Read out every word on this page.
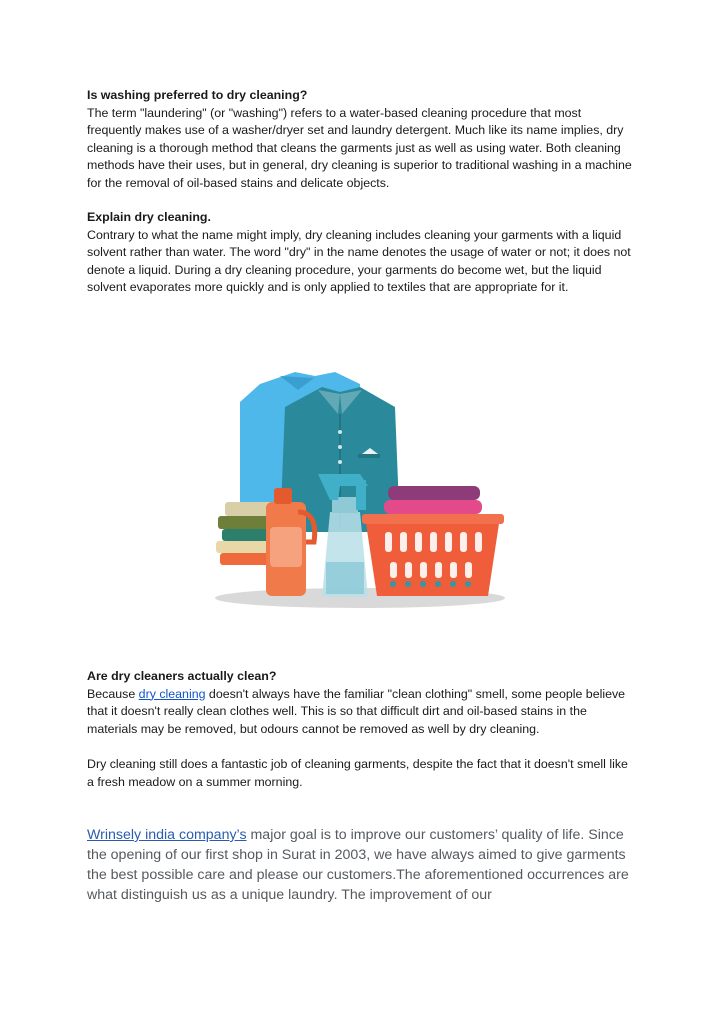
Is washing preferred to dry cleaning?

The term "laundering" (or "washing") refers to a water-based cleaning procedure that most frequently makes use of a washer/dryer set and laundry detergent. Much like its name implies, dry cleaning is a thorough method that cleans the garments just as well as using water. Both cleaning methods have their uses, but in general, dry cleaning is superior to traditional washing in a machine for the removal of oil-based stains and delicate objects.

Explain dry cleaning.

Contrary to what the name might imply, dry cleaning includes cleaning your garments with a liquid solvent rather than water. The word "dry" in the name denotes the usage of water or not; it does not denote a liquid. During a dry cleaning procedure, your garments do become wet, but the liquid solvent evaporates more quickly and is only applied to textiles that are appropriate for it.

Are dry cleaners actually clean?

Because dry cleaning doesn't always have the familiar "clean clothing" smell, some people believe that it doesn't really clean clothes well. This is so that difficult dirt and oil-based stains in the materials may be removed, but odours cannot be removed as well by dry cleaning.

Dry cleaning still does a fantastic job of cleaning garments, despite the fact that it doesn't smell like a fresh meadow on a summer morning.

Wrinsely india company’s major goal is to improve our customers’ quality of life. Since the opening of our first shop in Surat in 2003, we have always aimed to give garments the best possible care and please our customers.The aforementioned occurrences are what distinguish us as a unique laundry. The improvement of our
